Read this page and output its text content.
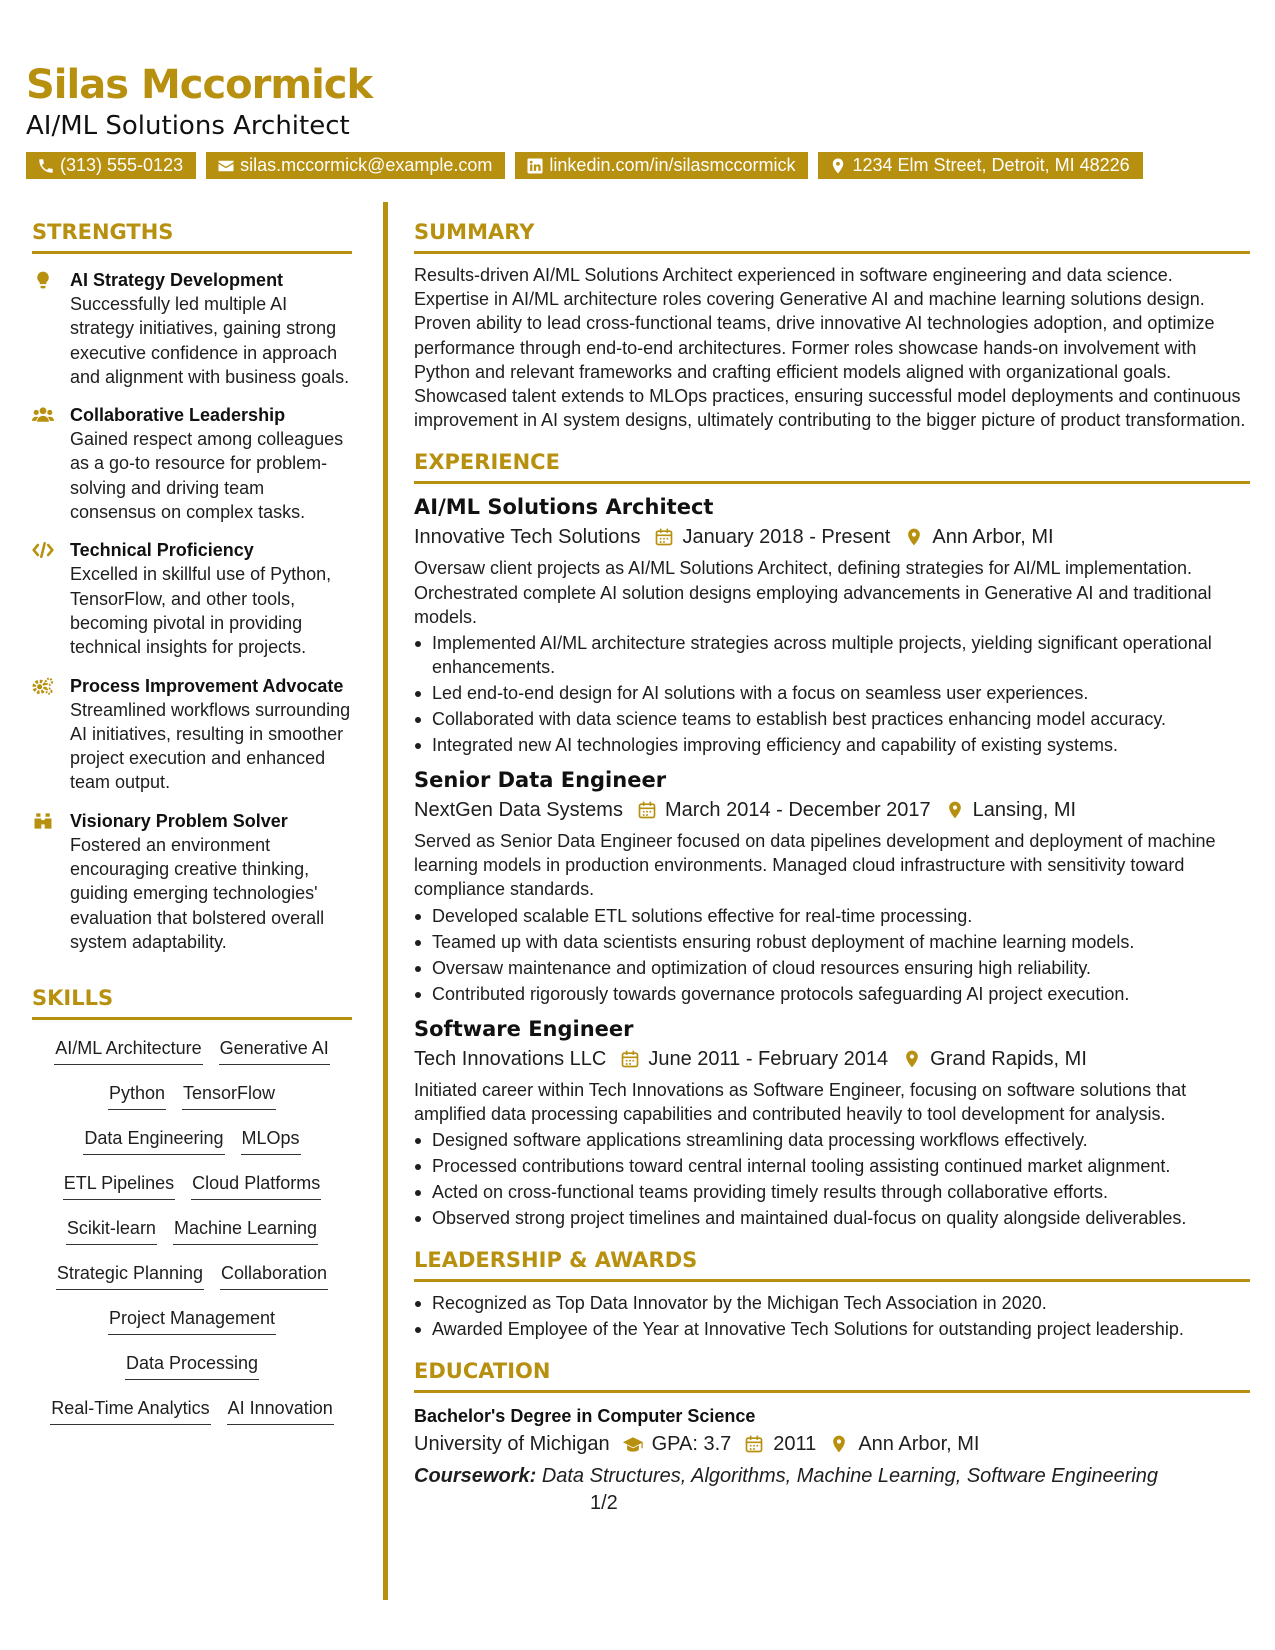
Silas Mccormick
AI/ML Solutions Architect
(313) 555-0123	silas.mccormick@example.com	linkedin.com/in/silasmccormick	1234 Elm Street, Detroit, MI 48226
STRENGTHS
AI Strategy Development
Successfully led multiple AI strategy initiatives, gaining strong executive confidence in approach and alignment with business goals.
Collaborative Leadership
Gained respect among colleagues as a go-to resource for problem-solving and driving team consensus on complex tasks.
Technical Proficiency
Excelled in skillful use of Python, TensorFlow, and other tools, becoming pivotal in providing technical insights for projects.
Process Improvement Advocate
Streamlined workflows surrounding AI initiatives, resulting in smoother project execution and enhanced team output.
Visionary Problem Solver
Fostered an environment encouraging creative thinking, guiding emerging technologies' evaluation that bolstered overall system adaptability.
SKILLS
AI/ML Architecture Generative AI
Python TensorFlow
Data Engineering MLOps
ETL Pipelines Cloud Platforms
Scikit-learn Machine Learning
Strategic Planning Collaboration
Project Management
Data Processing
Real-Time Analytics AI Innovation
SUMMARY
Results-driven AI/ML Solutions Architect experienced in software engineering and data science. Expertise in AI/ML architecture roles covering Generative AI and machine learning solutions design. Proven ability to lead cross-functional teams, drive innovative AI technologies adoption, and optimize performance through end-to-end architectures. Former roles showcase hands-on involvement with Python and relevant frameworks and crafting efficient models aligned with organizational goals. Showcased talent extends to MLOps practices, ensuring successful model deployments and continuous improvement in AI system designs, ultimately contributing to the bigger picture of product transformation.
EXPERIENCE
AI/ML Solutions Architect
Innovative Tech Solutions January 2018 - Present Ann Arbor, MI
Oversaw client projects as AI/ML Solutions Architect, defining strategies for AI/ML implementation. Orchestrated complete AI solution designs employing advancements in Generative AI and traditional models.
Implemented AI/ML architecture strategies across multiple projects, yielding significant operational enhancements.
Led end-to-end design for AI solutions with a focus on seamless user experiences.
Collaborated with data science teams to establish best practices enhancing model accuracy.
Integrated new AI technologies improving efficiency and capability of existing systems.
Senior Data Engineer
NextGen Data Systems March 2014 - December 2017 Lansing, MI
Served as Senior Data Engineer focused on data pipelines development and deployment of machine learning models in production environments. Managed cloud infrastructure with sensitivity toward compliance standards.
Developed scalable ETL solutions effective for real-time processing.
Teamed up with data scientists ensuring robust deployment of machine learning models.
Oversaw maintenance and optimization of cloud resources ensuring high reliability.
Contributed rigorously towards governance protocols safeguarding AI project execution.
Software Engineer
Tech Innovations LLC June 2011 - February 2014 Grand Rapids, MI
Initiated career within Tech Innovations as Software Engineer, focusing on software solutions that amplified data processing capabilities and contributed heavily to tool development for analysis.
Designed software applications streamlining data processing workflows effectively.
Processed contributions toward central internal tooling assisting continued market alignment.
Acted on cross-functional teams providing timely results through collaborative efforts.
Observed strong project timelines and maintained dual-focus on quality alongside deliverables.
LEADERSHIP & AWARDS
Recognized as Top Data Innovator by the Michigan Tech Association in 2020.
Awarded Employee of the Year at Innovative Tech Solutions for outstanding project leadership.
EDUCATION
Bachelor's Degree in Computer Science
University of Michigan GPA: 3.7 2011 Ann Arbor, MI
Coursework: Data Structures, Algorithms, Machine Learning, Software Engineering
1/2
